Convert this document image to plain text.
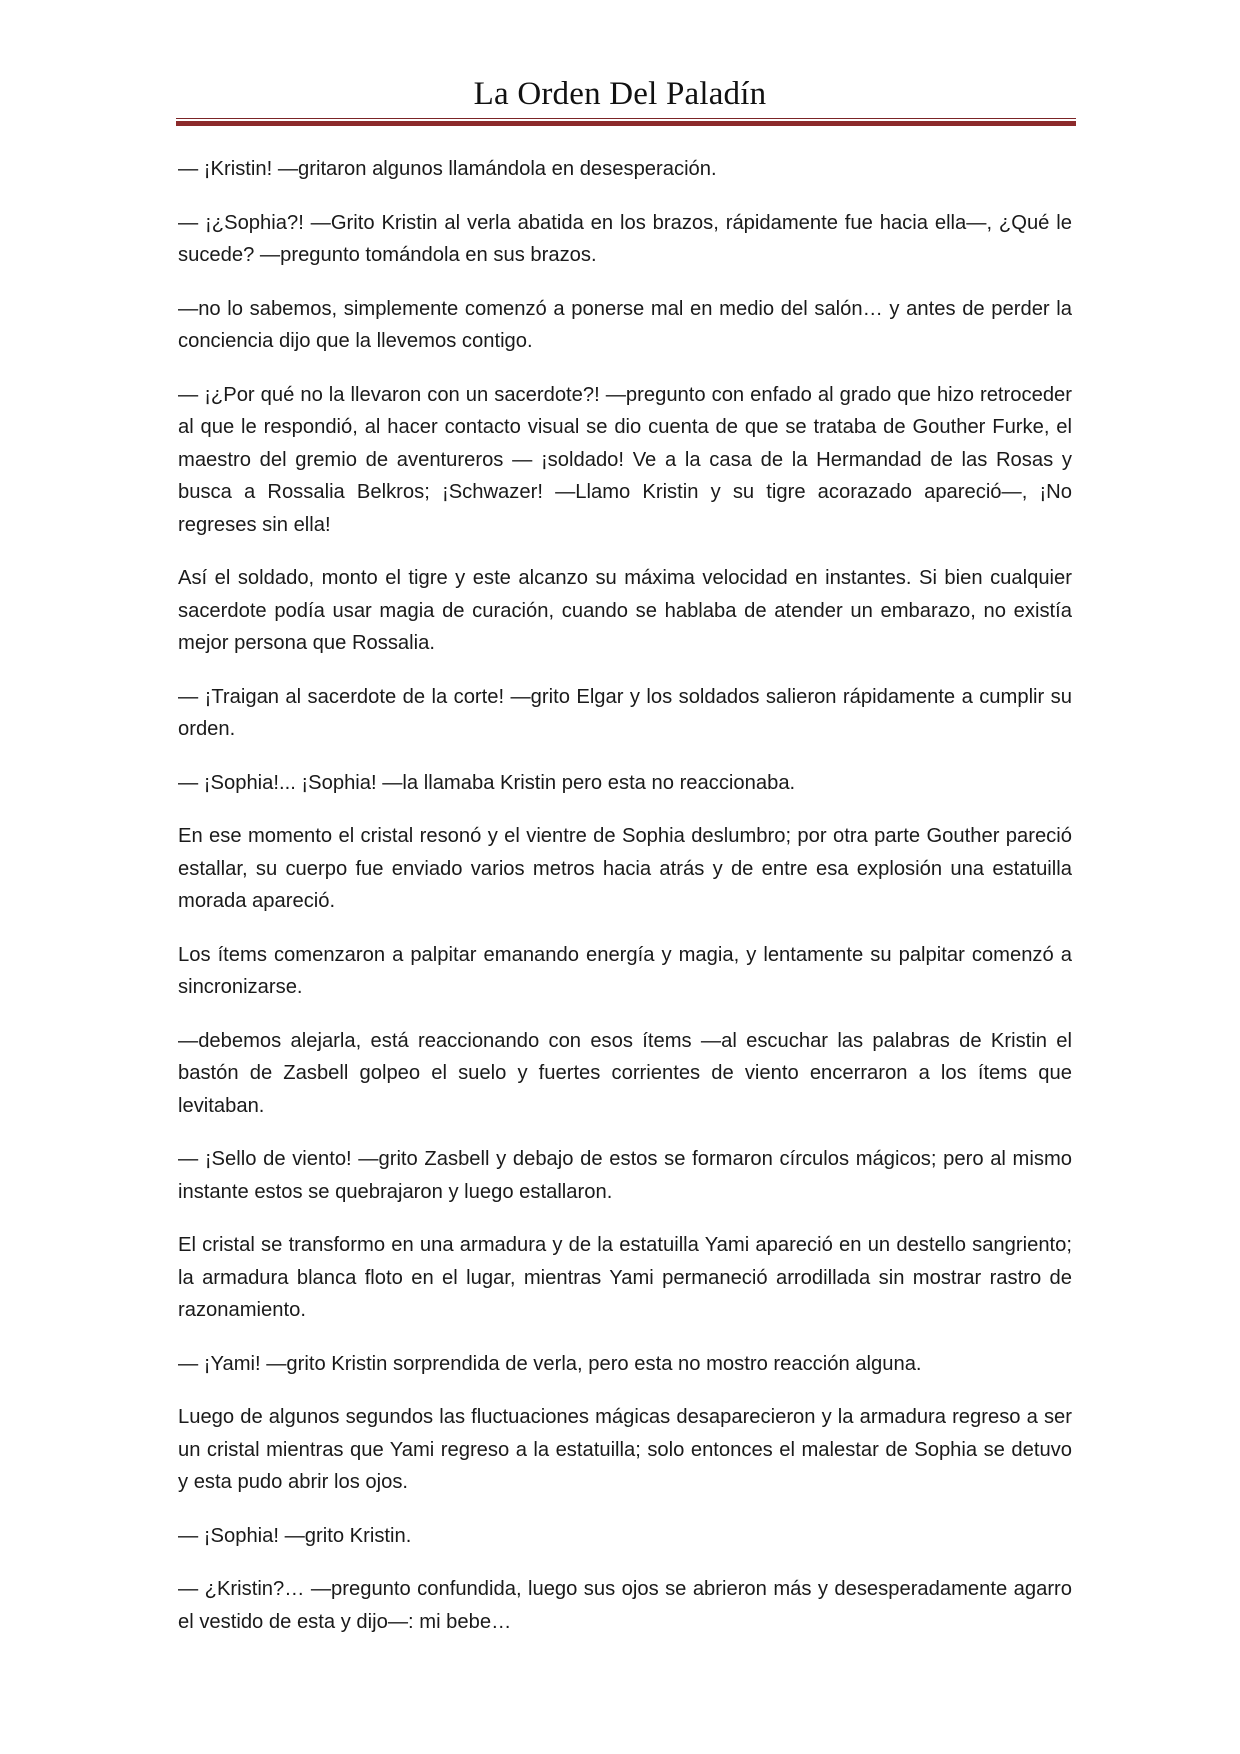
La Orden Del Paladín

— ¡Kristin! —gritaron algunos llamándola en desesperación.

— ¡¿Sophia?! —Grito Kristin al verla abatida en los brazos, rápidamente fue hacia ella—, ¿Qué le sucede? —pregunto tomándola en sus brazos.

—no lo sabemos, simplemente comenzó a ponerse mal en medio del salón… y antes de perder la conciencia dijo que la llevemos contigo.

— ¡¿Por qué no la llevaron con un sacerdote?! —pregunto con enfado al grado que hizo retroceder al que le respondió, al hacer contacto visual se dio cuenta de que se trataba de Gouther Furke, el maestro del gremio de aventureros — ¡soldado! Ve a la casa de la Hermandad de las Rosas y busca a Rossalia Belkros; ¡Schwazer! —Llamo Kristin y su tigre acorazado apareció—, ¡No regreses sin ella!

Así el soldado, monto el tigre y este alcanzo su máxima velocidad en instantes. Si bien cualquier sacerdote podía usar magia de curación, cuando se hablaba de atender un embarazo, no existía mejor persona que Rossalia.

— ¡Traigan al sacerdote de la corte! —grito Elgar y los soldados salieron rápidamente a cumplir su orden.

— ¡Sophia!... ¡Sophia! —la llamaba Kristin pero esta no reaccionaba.

En ese momento el cristal resonó y el vientre de Sophia deslumbro; por otra parte Gouther pareció estallar, su cuerpo fue enviado varios metros hacia atrás y de entre esa explosión una estatuilla morada apareció.

Los ítems comenzaron a palpitar emanando energía y magia, y lentamente su palpitar comenzó a sincronizarse.

—debemos alejarla, está reaccionando con esos ítems —al escuchar las palabras de Kristin el bastón de Zasbell golpeo el suelo y fuertes corrientes de viento encerraron a los ítems que levitaban.

— ¡Sello de viento! —grito Zasbell y debajo de estos se formaron círculos mágicos; pero al mismo instante estos se quebrajaron y luego estallaron.

El cristal se transformo en una armadura y de la estatuilla Yami apareció en un destello sangriento; la armadura blanca floto en el lugar, mientras Yami permaneció arrodillada sin mostrar rastro de razonamiento.

— ¡Yami! —grito Kristin sorprendida de verla, pero esta no mostro reacción alguna.

Luego de algunos segundos las fluctuaciones mágicas desaparecieron y la armadura regreso a ser un cristal mientras que Yami regreso a la estatuilla; solo entonces el malestar de Sophia se detuvo y esta pudo abrir los ojos.

— ¡Sophia! —grito Kristin.

— ¿Kristin?… —pregunto confundida, luego sus ojos se abrieron más y desesperadamente agarro el vestido de esta y dijo—: mi bebe…
